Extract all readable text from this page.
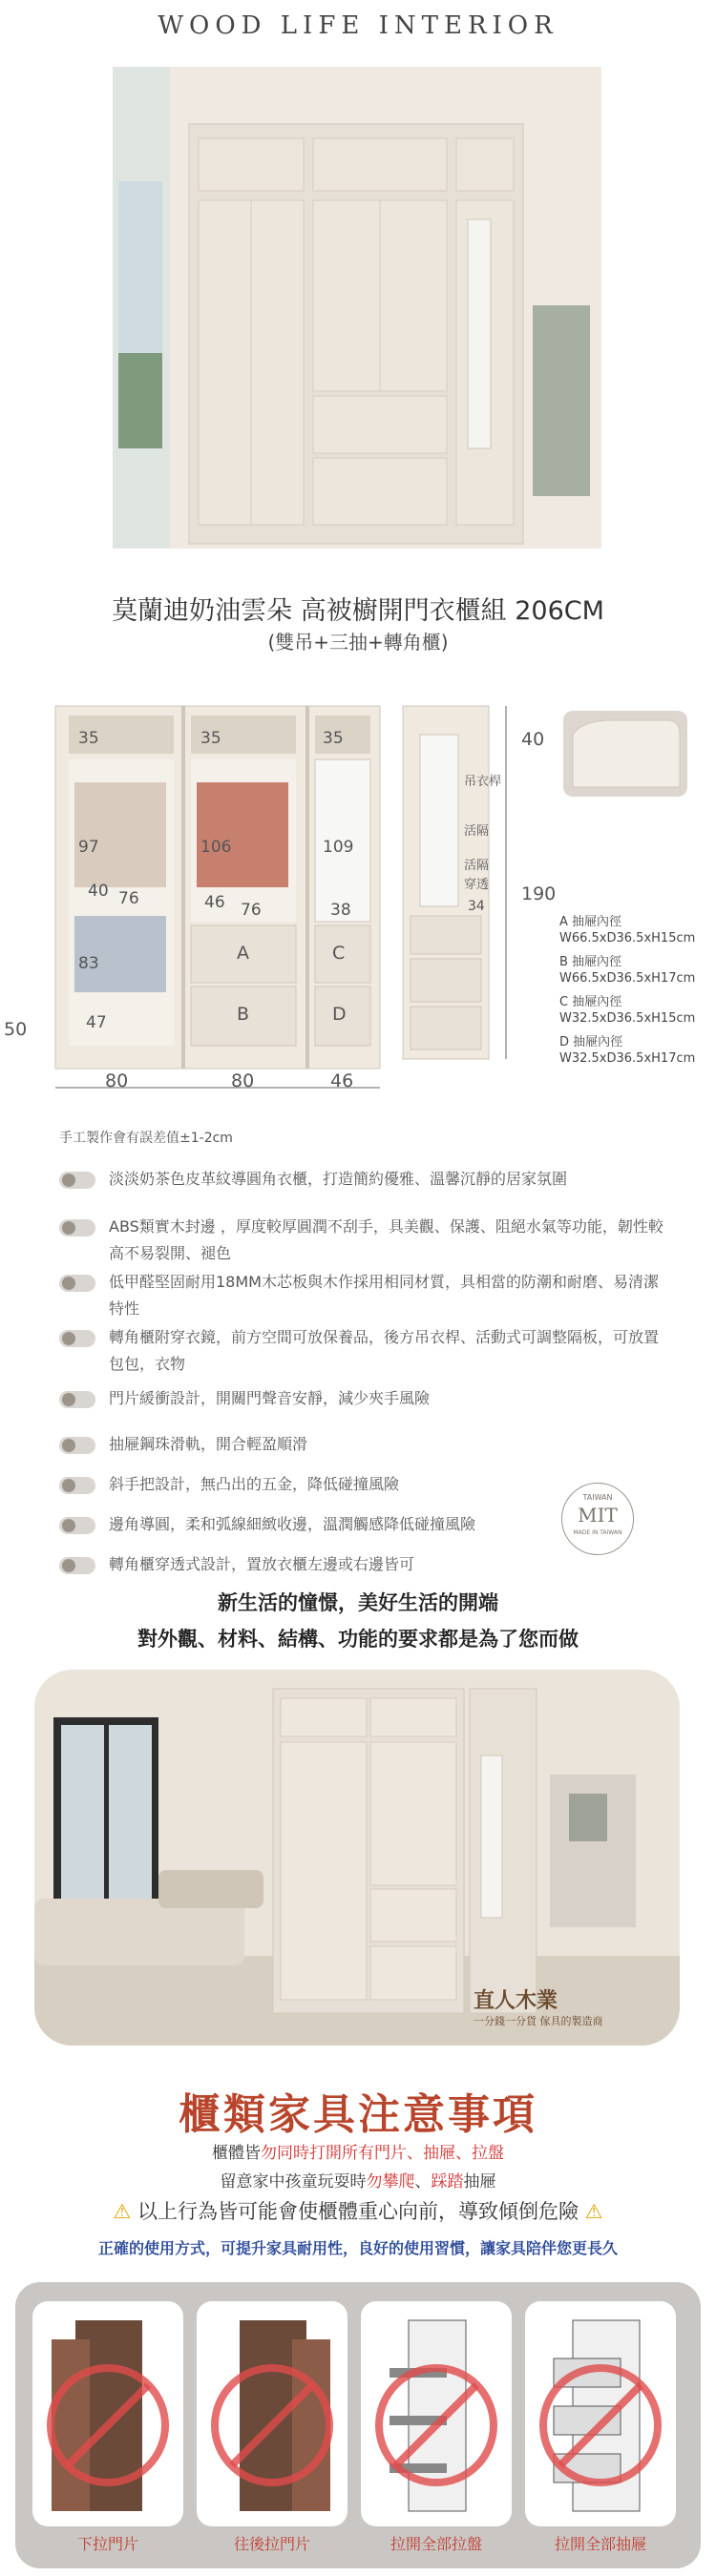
WOOD LIFE INTERIOR
莫蘭迪奶油雲朵 高被櫥開門衣櫃組 206CM
(雙吊+三抽+轉角櫃)
35	35	35
97	106	109
40 76	46 76	38
83
47
A
B
C
D
50
80	80	46
吊衣桿
活隔
活隔
穿透
34
40
190
A 抽屜內徑
W66.5xD36.5xH15cm
B 抽屜內徑
W66.5xD36.5xH17cm
C 抽屜內徑
W32.5xD36.5xH15cm
D 抽屜內徑
W32.5xD36.5xH17cm
手工製作會有誤差值±1-2cm
淡淡奶茶色皮革紋導圓角衣櫃，打造簡約優雅、溫馨沉靜的居家氛圍
ABS類實木封邊 ，厚度較厚圓潤不刮手，具美觀、保護、阻絕水氣等功能，韌性較高不易裂開、褪色
低甲醛堅固耐用18MM木芯板與木作採用相同材質，具相當的防潮和耐磨、易清潔特性
轉角櫃附穿衣鏡，前方空間可放保養品，後方吊衣桿、活動式可調整隔板，可放置包包，衣物
門片緩衝設計，開關門聲音安靜，減少夾手風險
抽屜鋼珠滑軌，開合輕盈順滑
斜手把設計，無凸出的五金，降低碰撞風險
邊角導圓，柔和弧線細緻收邊，溫潤觸感降低碰撞風險
轉角櫃穿透式設計，置放衣櫃左邊或右邊皆可
TAIWAN
MIT
MADE IN TAIWAN
新生活的憧憬，美好生活的開端
對外觀、材料、結構、功能的要求都是為了您而做
直人木業
一分錢一分貨 傢具的製造商
櫃類家具注意事項
櫃體皆勿同時打開所有門片、抽屜、拉盤
留意家中孩童玩耍時勿攀爬、踩踏抽屜
⚠ 以上行為皆可能會使櫃體重心向前，導致傾倒危險 ⚠
正確的使用方式，可提升家具耐用性，良好的使用習慣，讓家具陪伴您更長久
下拉門片	往後拉門片	拉開全部拉盤	拉開全部抽屜
